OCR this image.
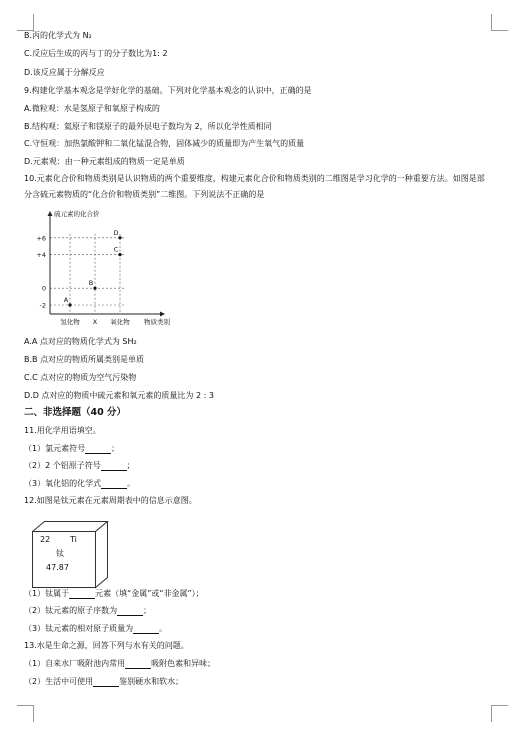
B.丙的化学式为 N₂
C.反应后生成的丙与丁的分子数比为1: 2
D.该反应属于分解反应
9.构建化学基本观念是学好化学的基础。下列对化学基本观念的认识中，正确的是
A.微粒观：水是氢原子和氧原子构成的
B.结构观：氦原子和镁原子的最外层电子数均为 2，所以化学性质相同
C.守恒观：加热氯酸钾和二氧化锰混合物，固体减少的质量即为产生氧气的质量
D.元素观：由一种元素组成的物质一定是单质
10.元素化合价和物质类别是认识物质的两个重要维度，构建元素化合价和物质类别的二维图是学习化学的一种重要方法。如图是部分含硫元素物质的“化合价和物质类别”二维图。下列说法不正确的是
硫元素的化合价
+6
+4
0
-2
氢化物 X 氧化物 物质类别
A
B
C
D
A.A 点对应的物质化学式为 SH₂
B.B 点对应的物质所属类别是单质
C.C 点对应的物质为空气污染物
D.D 点对应的物质中硫元素和氧元素的质量比为 2 : 3
二、非选择题（40 分）
11.用化学用语填空。
（1）氯元素符号	；
（2）2 个铝原子符号	；
（3）氧化铝的化学式	。
12.如图是钛元素在元素周期表中的信息示意图。
22 Ti
钛
47.87
（1）钛属于	元素（填“金属”或“非金属”）；
（2）钛元素的原子序数为	；
（3）钛元素的相对原子质量为	。
13.水是生命之源，回答下列与水有关的问题。
（1）自来水厂吸附池内常用	吸附色素和异味；
（2）生活中可使用	鉴别硬水和软水；
